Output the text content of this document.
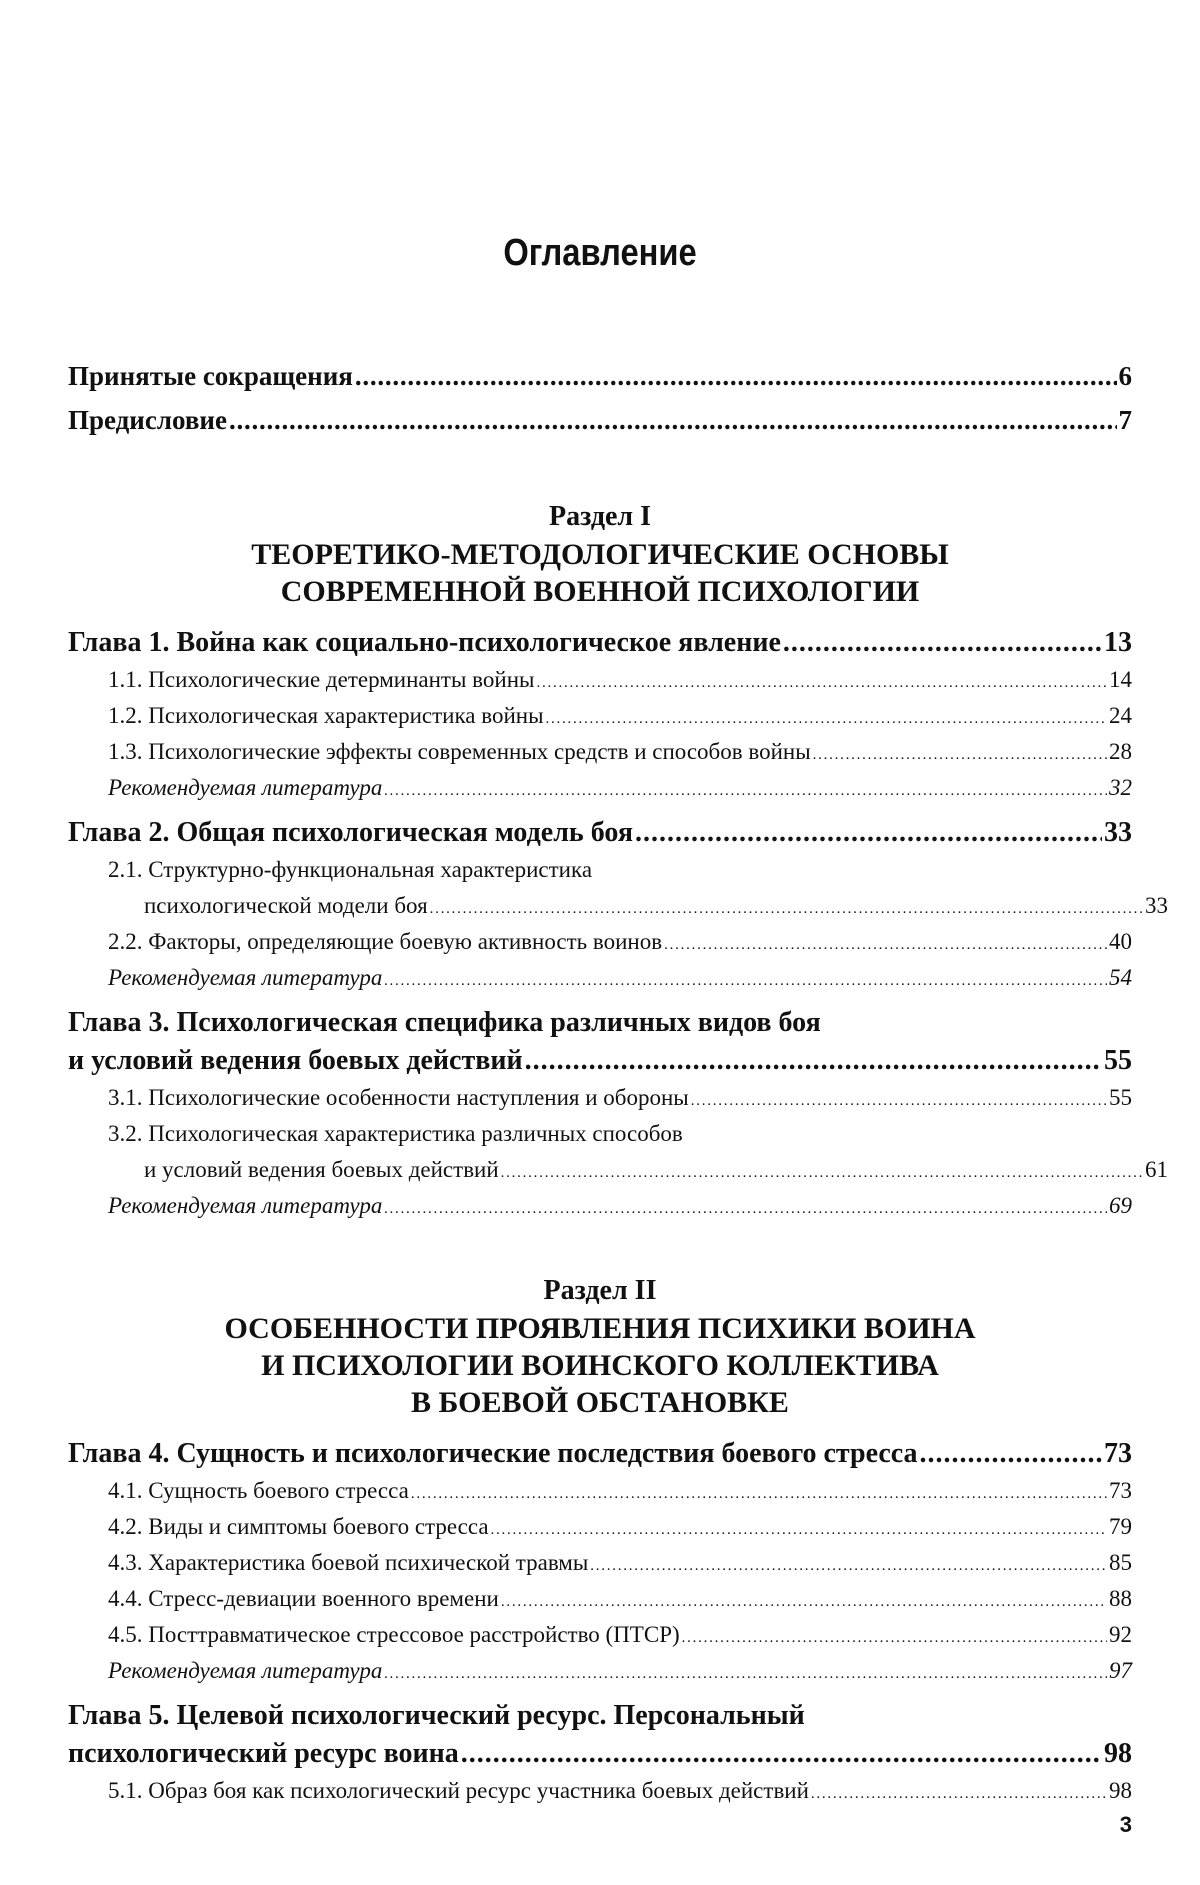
Оглавление
Принятые сокращения . . .	6
Предисловие . . .	7
Раздел I
ТЕОРЕТИКО-МЕТОДОЛОГИЧЕСКИЕ ОСНОВЫ
СОВРЕМЕННОЙ ВОЕННОЙ ПСИХОЛОГИИ
Глава 1. Война как социально-психологическое явление . . .	13
1.1. Психологические детерминанты войны . . .	14
1.2. Психологическая характеристика войны . . .	24
1.3. Психологические эффекты современных средств и способов войны . . .	28
Рекомендуемая литература . . .	32
Глава 2. Общая психологическая модель боя . . .	33
2.1. Структурно-функциональная характеристика
психологической модели боя . . .	33
2.2. Факторы, определяющие боевую активность воинов . . .	40
Рекомендуемая литература . . .	54
Глава 3. Психологическая специфика различных видов боя
и условий ведения боевых действий . . .	55
3.1. Психологические особенности наступления и обороны . . .	55
3.2. Психологическая характеристика различных способов
и условий ведения боевых действий . . .	61
Рекомендуемая литература . . .	69
Раздел II
ОСОБЕННОСТИ ПРОЯВЛЕНИЯ ПСИХИКИ ВОИНА
И ПСИХОЛОГИИ ВОИНСКОГО КОЛЛЕКТИВА
В БОЕВОЙ ОБСТАНОВКЕ
Глава 4. Сущность и психологические последствия боевого стресса . . .	73
4.1. Сущность боевого стресса . . .	73
4.2. Виды и симптомы боевого стресса . . .	79
4.3. Характеристика боевой психической травмы . . .	85
4.4. Стресс-девиации военного времени . . .	88
4.5. Посттравматическое стрессовое расстройство (ПТСР) . . .	92
Рекомендуемая литература . . .	97
Глава 5. Целевой психологический ресурс. Персональный
психологический ресурс воина . . .	98
5.1. Образ боя как психологический ресурс участника боевых действий . . .	98
3
